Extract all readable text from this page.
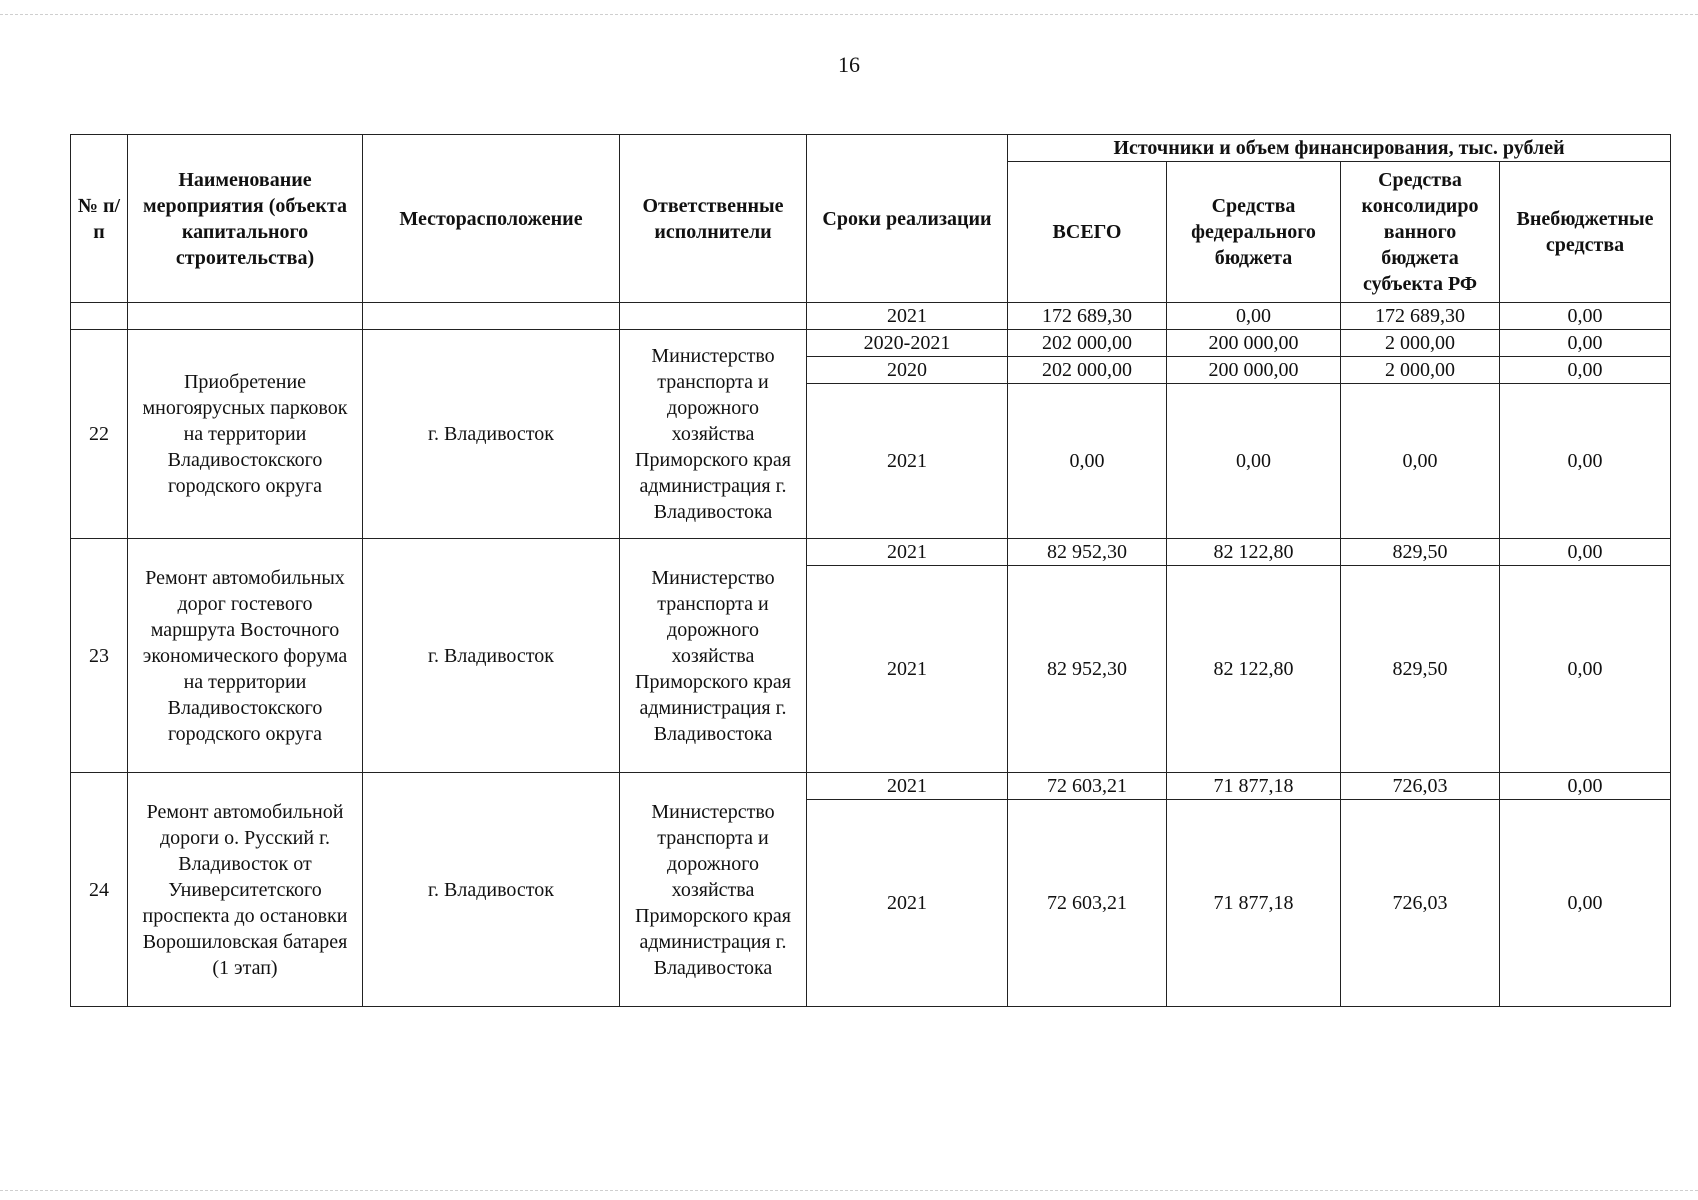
16
№ п/п	Наименование мероприятия (объекта капитального строительства)	Месторасположение	Ответственные исполнители	Сроки реализации	Источники и объем финансирования, тыс. рублей			
					ВСЕГО	Средства федерального бюджета	Средства консолидиро ванного бюджета субъекта РФ	Внебюджетные средства
				2021	172 689,30	0,00	172 689,30	0,00
22	Приобретение многоярусных парковок на территории Владивостокского городского округа	г. Владивосток	Министерство транспорта и дорожного хозяйства Приморского края администрация г. Владивостока	2020-2021	202 000,00	200 000,00	2 000,00	0,00
				2020	202 000,00	200 000,00	2 000,00	0,00
				2021	0,00	0,00	0,00	0,00
23	Ремонт автомобильных дорог гостевого маршрута Восточного экономического форума на территории Владивостокского городского округа	г. Владивосток	Министерство транспорта и дорожного хозяйства Приморского края администрация г. Владивостока	2021	82 952,30	82 122,80	829,50	0,00
				2021	82 952,30	82 122,80	829,50	0,00
24	Ремонт автомобильной дороги о. Русский г. Владивосток от Университетского проспекта до остановки Ворошиловская батарея (1 этап)	г. Владивосток	Министерство транспорта и дорожного хозяйства Приморского края администрация г. Владивостока	2021	72 603,21	71 877,18	726,03	0,00
				2021	72 603,21	71 877,18	726,03	0,00
